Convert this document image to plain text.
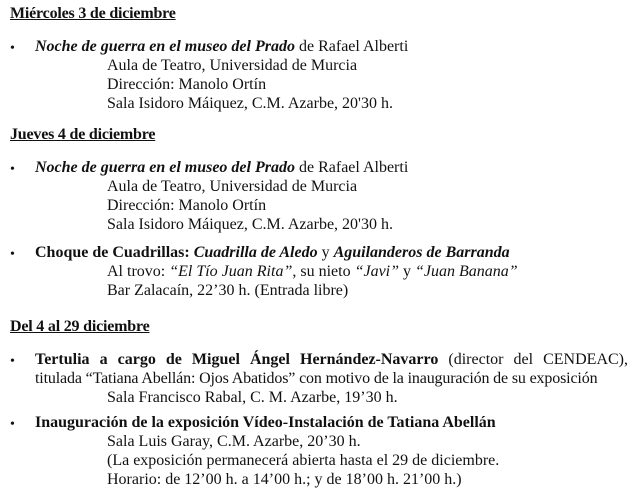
Miércoles 3 de diciembre
• Noche de guerra en el museo del Prado de Rafael Alberti
Aula de Teatro, Universidad de Murcia
Dirección: Manolo Ortín
Sala Isidoro Máiquez, C.M. Azarbe, 20'30 h.
Jueves 4 de diciembre
• Noche de guerra en el museo del Prado de Rafael Alberti
Aula de Teatro, Universidad de Murcia
Dirección: Manolo Ortín
Sala Isidoro Máiquez, C.M. Azarbe, 20'30 h.
• Choque de Cuadrillas: Cuadrilla de Aledo y Aguilanderos de Barranda
Al trovo: “El Tío Juan Rita”, su nieto “Javi” y “Juan Banana”
Bar Zalacaín, 22’30 h. (Entrada libre)
Del 4 al 29 diciembre
• Tertulia a cargo de Miguel Ángel Hernández-Navarro (director del CENDEAC),
titulada “Tatiana Abellán: Ojos Abatidos” con motivo de la inauguración de su exposición
Sala Francisco Rabal, C. M. Azarbe, 19’30 h.
• Inauguración de la exposición Vídeo-Instalación de Tatiana Abellán
Sala Luis Garay, C.M. Azarbe, 20’30 h.
(La exposición permanecerá abierta hasta el 29 de diciembre.
Horario: de 12’00 h. a 14’00 h.; y de 18’00 h. 21’00 h.)
